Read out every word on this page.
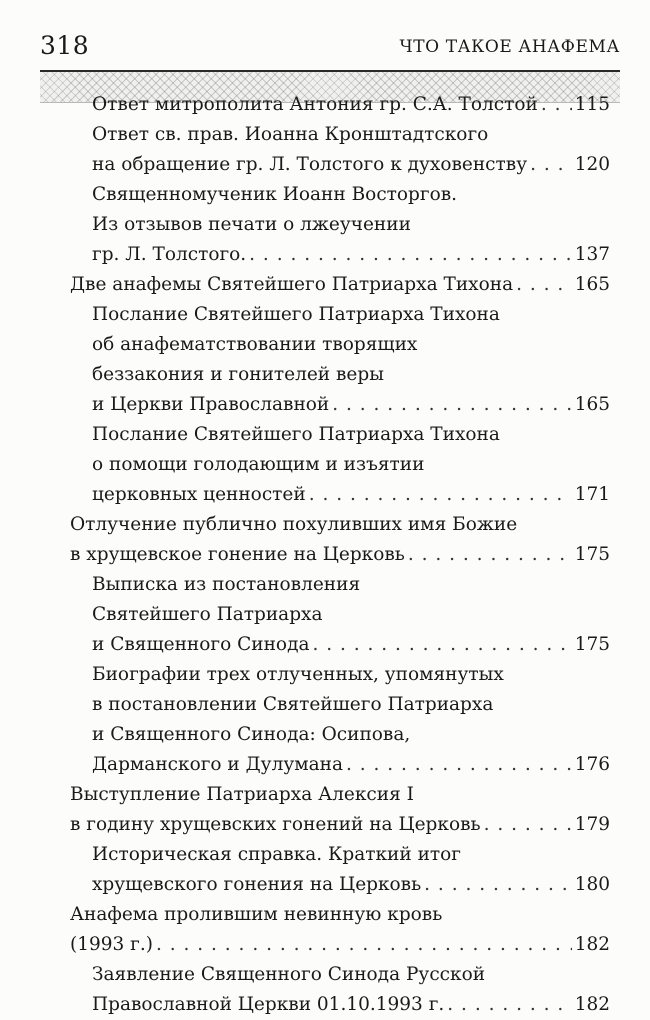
318	ЧТО ТАКОЕ АНАФЕМА
Ответ митрополита Антония гр. С.А. Толстой . . . 115
Ответ св. прав. Иоанна Кронштадтского
на обращение гр. Л. Толстого к духовенству . . .	120
Священномученик Иоанн Восторгов.
Из отзывов печати о лжеучении
гр. Л. Толстого. . . .	137
Две анафемы Святейшего Патриарха Тихона . . .	165
Послание Святейшего Патриарха Тихона
об анафематствовании творящих
беззакония и гонителей веры
и Церкви Православной . . .	165
Послание Святейшего Патриарха Тихона
о помощи голодающим и изъятии
церковных ценностей . . .	171
Отлучение публично похуливших имя Божие
в хрущевское гонение на Церковь . . .	175
Выписка из постановления
Святейшего Патриарха
и Священного Синода . . .	175
Биографии трех отлученных, упомянутых
в постановлении Святейшего Патриарха
и Священного Синода: Осипова,
Дарманского и Дулумана . . .	176
Выступление Патриарха Алексия I
в годину хрущевских гонений на Церковь . . .	179
Историческая справка. Краткий итог
хрущевского гонения на Церковь . . .	180
Анафема пролившим невинную кровь
(1993 г.) . . .	182
Заявление Священного Синода Русской
Православной Церкви 01.10.1993 г. . . .	182
